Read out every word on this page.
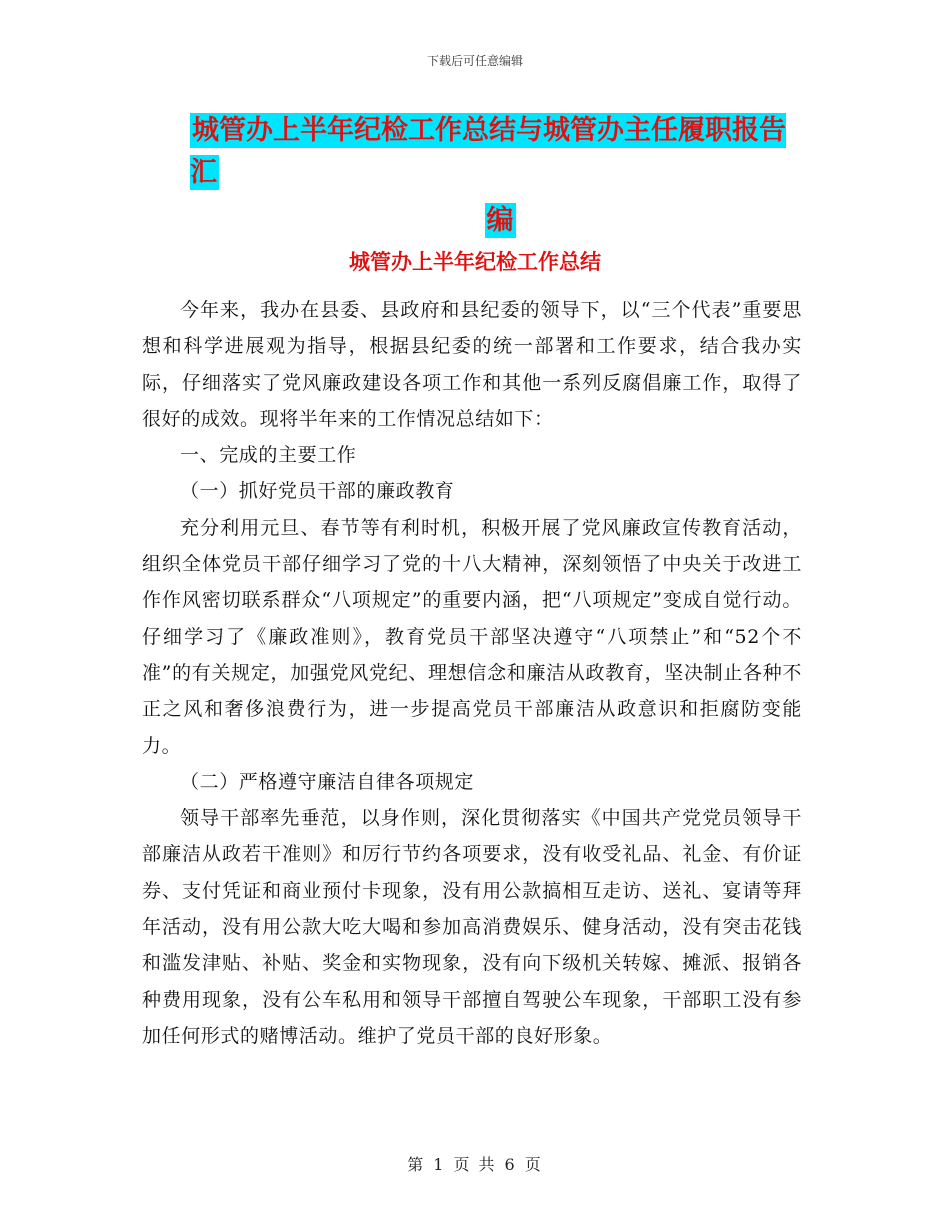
下载后可任意编辑
城管办上半年纪检工作总结与城管办主任履职报告汇
编
城管办上半年纪检工作总结

今年来，我办在县委、县政府和县纪委的领导下，以“三个代表”重要思想和科学进展观为指导，根据县纪委的统一部署和工作要求，结合我办实际，仔细落实了党风廉政建设各项工作和其他一系列反腐倡廉工作，取得了很好的成效。现将半年来的工作情况总结如下：

一、完成的主要工作

（一）抓好党员干部的廉政教育

充分利用元旦、春节等有利时机，积极开展了党风廉政宣传教育活动，组织全体党员干部仔细学习了党的十八大精神，深刻领悟了中央关于改进工作作风密切联系群众“八项规定”的重要内涵，把“八项规定”变成自觉行动。仔细学习了《廉政准则》，教育党员干部坚决遵守“八项禁止”和“52个不准”的有关规定，加强党风党纪、理想信念和廉洁从政教育，坚决制止各种不正之风和奢侈浪费行为，进一步提高党员干部廉洁从政意识和拒腐防变能力。

（二）严格遵守廉洁自律各项规定

领导干部率先垂范，以身作则，深化贯彻落实《中国共产党党员领导干部廉洁从政若干准则》和厉行节约各项要求，没有收受礼品、礼金、有价证券、支付凭证和商业预付卡现象，没有用公款搞相互走访、送礼、宴请等拜年活动，没有用公款大吃大喝和参加高消费娱乐、健身活动，没有突击花钱和滥发津贴、补贴、奖金和实物现象，没有向下级机关转嫁、摊派、报销各种费用现象，没有公车私用和领导干部擅自驾驶公车现象，干部职工没有参加任何形式的赌博活动。维护了党员干部的良好形象。

第 1 页 共 6 页
